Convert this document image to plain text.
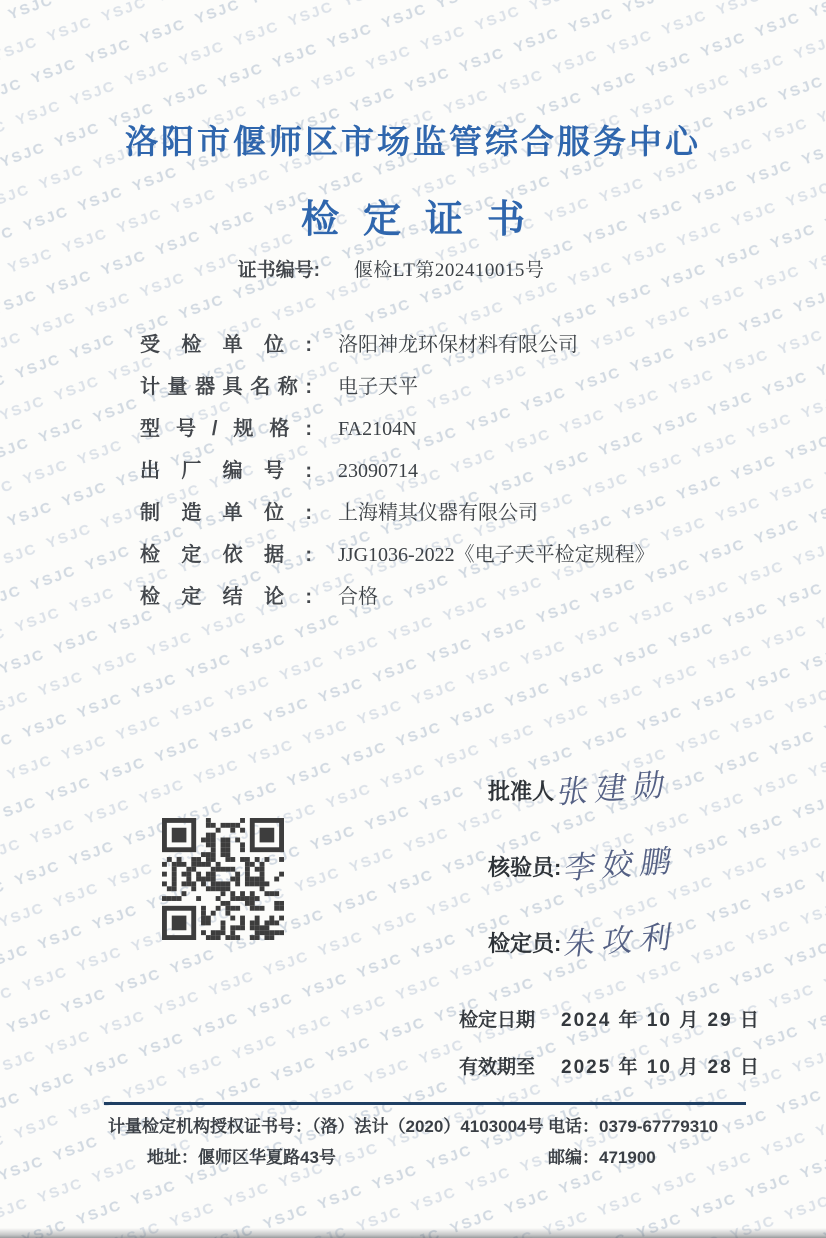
洛阳市偃师区市场监管综合服务中心
检定证书
证书编号: 偃检LT第202410015号
受检单位:	洛阳神龙环保材料有限公司
计量器具名称:	电子天平
型号/规格:	FA2104N
出厂编号:	23090714
制造单位:	上海精其仪器有限公司
检定依据:	JJG1036-2022《电子天平检定规程》
检定结论:	合格
批准人 张建勋
核验员: 李姣鹏
检定员: 朱攻利
检定日期	2024 年 10 月 29 日
有效期至	2025 年 10 月 28 日
计量检定机构授权证书号：（洛）法计（2020）4103004号 电话：0379-67779310
地址：偃师区华夏路43号	邮编：471900
